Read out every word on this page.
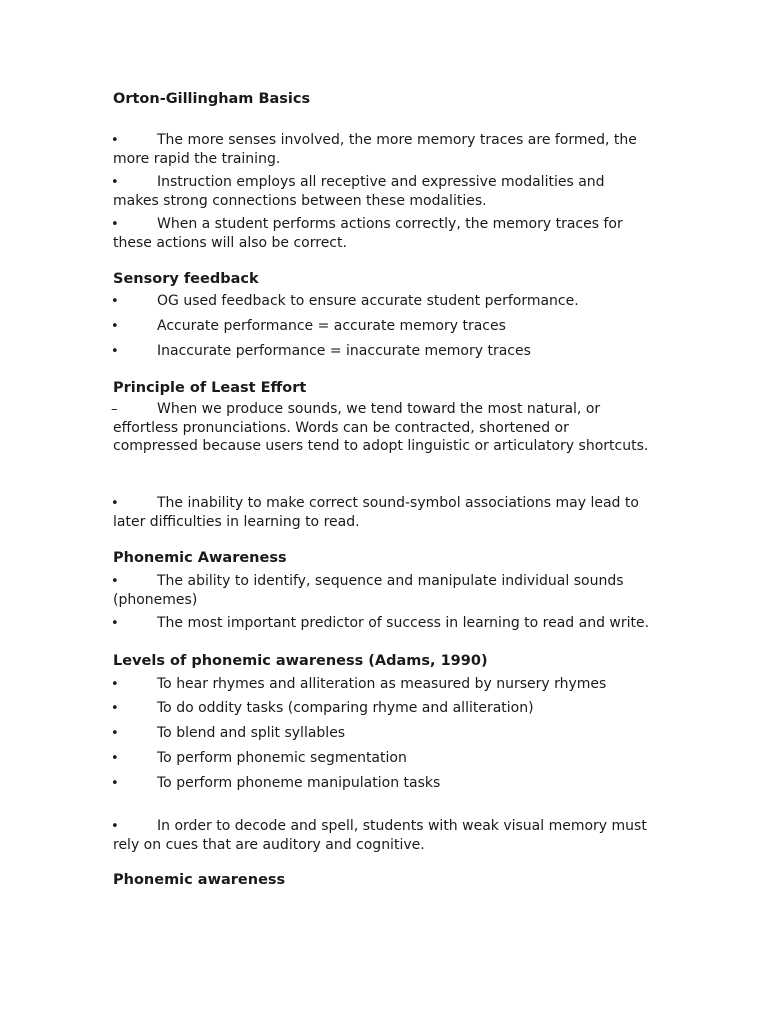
Orton-Gillingham Basics

•	The more senses involved, the more memory traces are formed, the more rapid the training.

•	Instruction employs all receptive and expressive modalities and makes strong connections between these modalities.

•	When a student performs actions correctly, the memory traces for these actions will also be correct.

Sensory feedback

•	OG used feedback to ensure accurate student performance.

•	Accurate performance = accurate memory traces

•	Inaccurate performance = inaccurate memory traces

Principle of Least Effort

–	When we produce sounds, we tend toward the most natural, or effortless pronunciations. Words can be contracted, shortened or compressed because users tend to adopt linguistic or articulatory shortcuts.

•	The inability to make correct sound-symbol associations may lead to later difficulties in learning to read.

Phonemic Awareness

•	The ability to identify, sequence and manipulate individual sounds (phonemes)

•	The most important predictor of success in learning to read and write.

Levels of phonemic awareness (Adams, 1990)

•	To hear rhymes and alliteration as measured by nursery rhymes

•	To do oddity tasks (comparing rhyme and alliteration)

•	To blend and split syllables

•	To perform phonemic segmentation

•	To perform phoneme manipulation tasks

•	In order to decode and spell, students with weak visual memory must rely on cues that are auditory and cognitive.

Phonemic awareness
